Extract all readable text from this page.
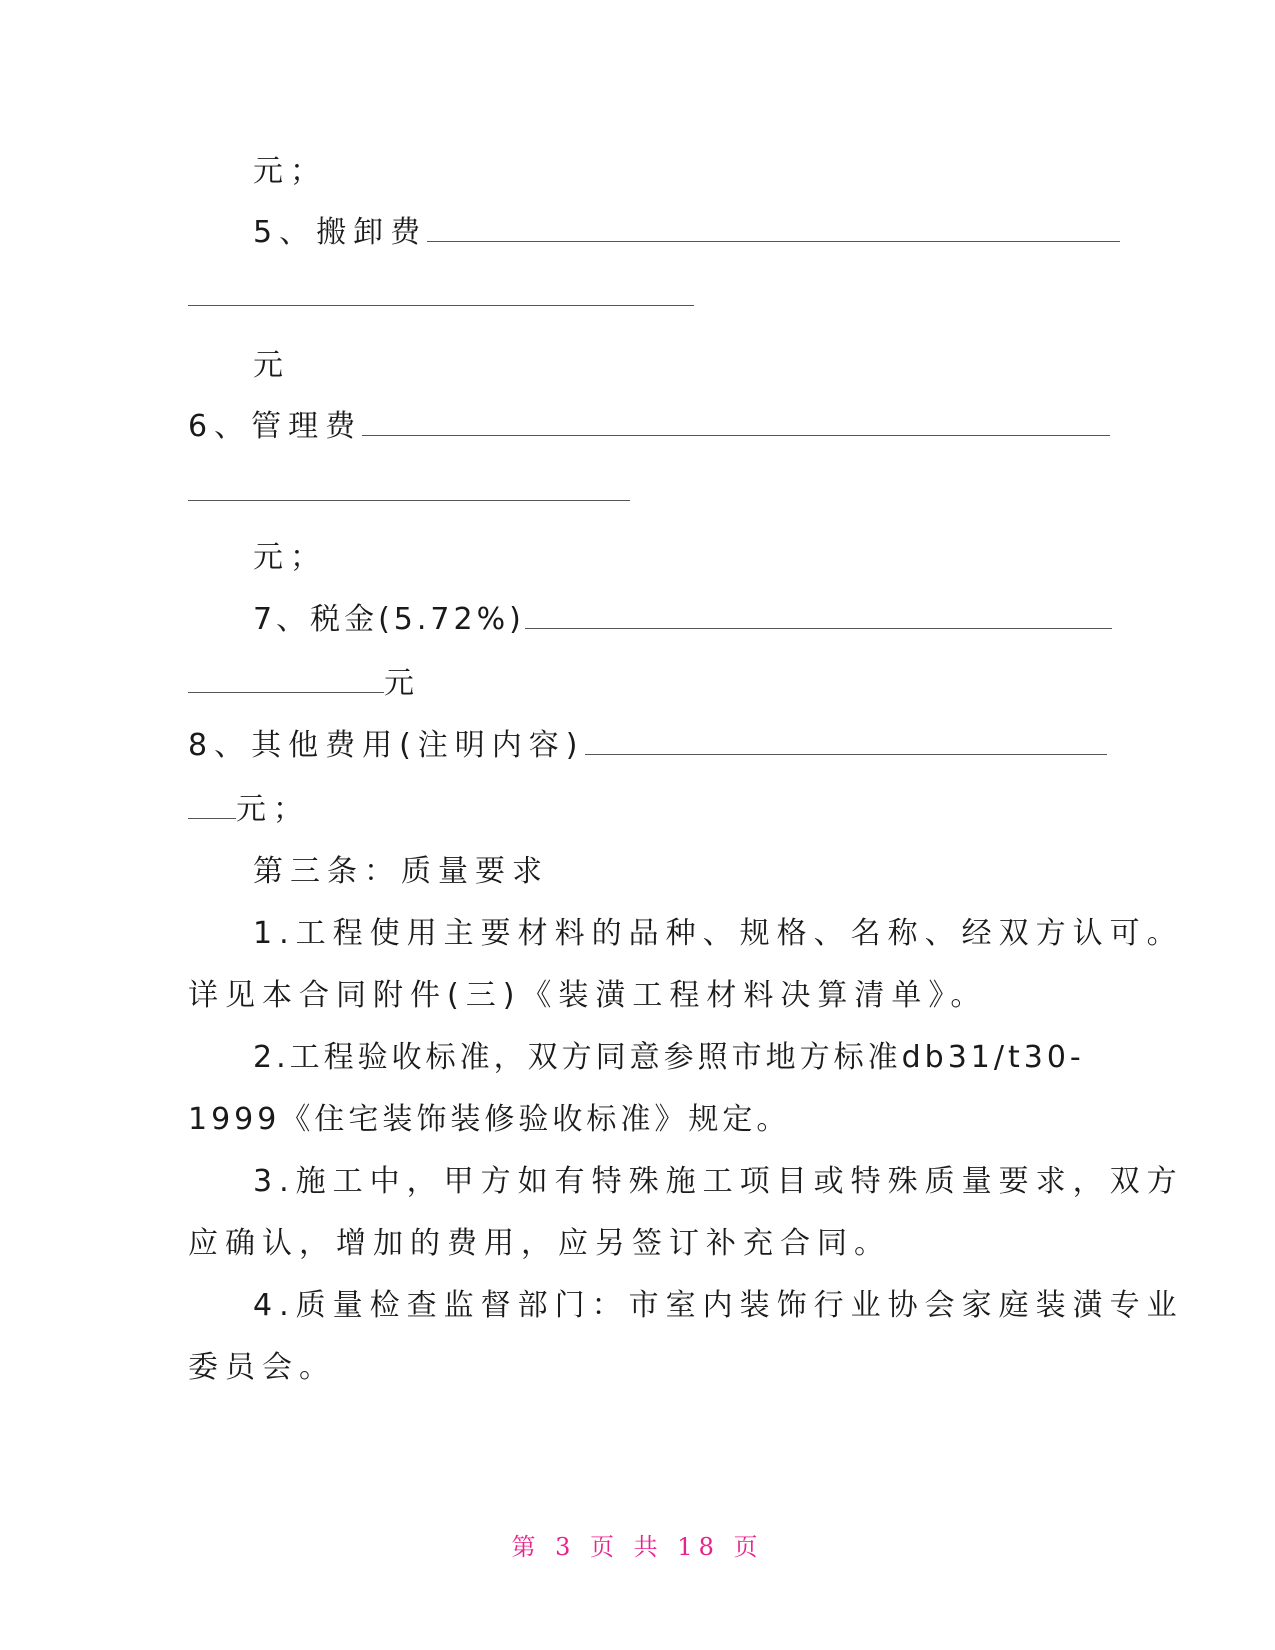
元；
5、搬卸费
元
6、管理费
元；
7、税金(5.72%)
元
8、其他费用(注明内容)
元；
第三条：质量要求
1.工程使用主要材料的品种、规格、名称、经双方认可。
详见本合同附件(三)《装潢工程材料决算清单》。
2.工程验收标准，双方同意参照市地方标准db31/t30-
1999《住宅装饰装修验收标准》规定。
3.施工中，甲方如有特殊施工项目或特殊质量要求，双方
应确认，增加的费用，应另签订补充合同。
4.质量检查监督部门：市室内装饰行业协会家庭装潢专业
委员会。
第 3 页 共 18 页
